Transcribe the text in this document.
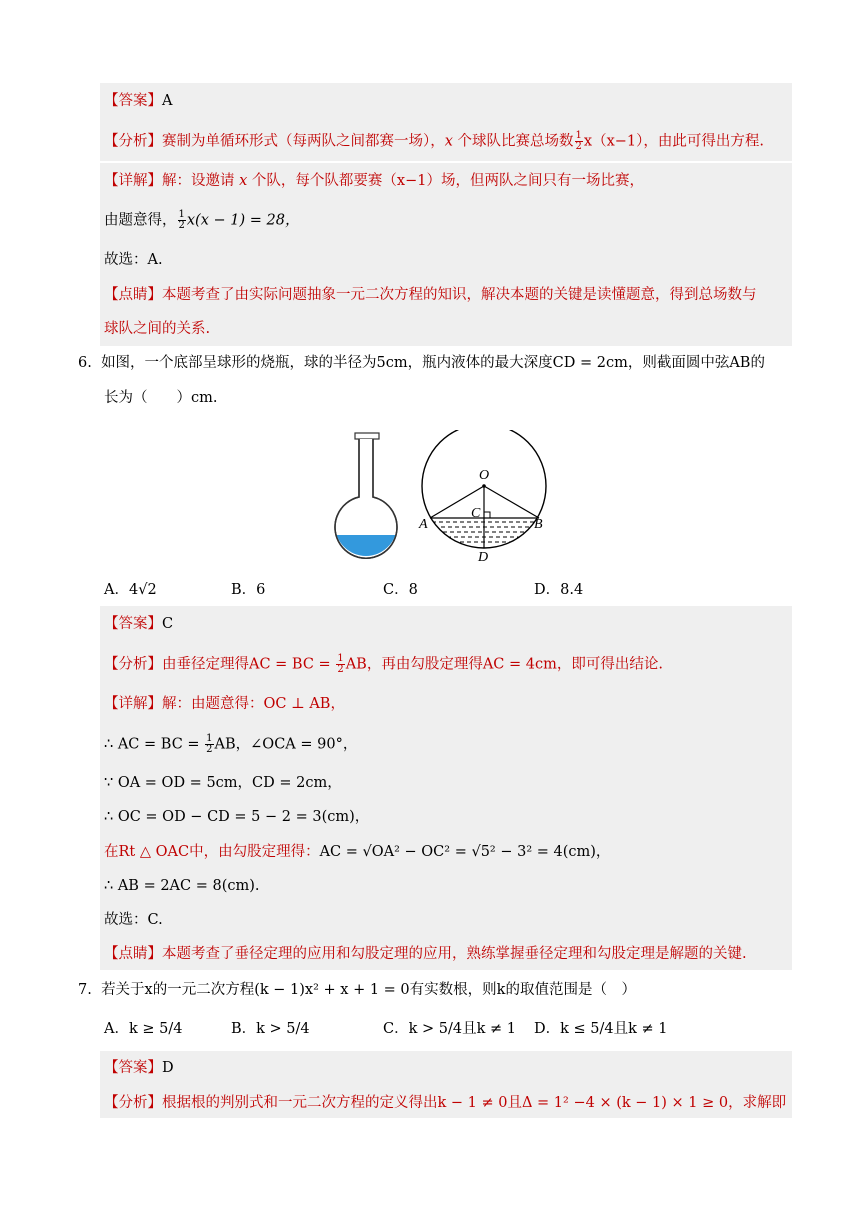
【答案】A
【分析】赛制为单循环形式（每两队之间都赛一场），x 个球队比赛总场数 $\frac{1}{2} x(x-1)$，由此可得出方程.
【详解】解：设邀请 x 个队，每个队都要赛（x−1）场，但两队之间只有一场比赛，
由题意得， $\frac{1}{2} x(x - 1) = 28$，
故选：A.
【点睛】本题考查了由实际问题抽象一元二次方程的知识，解决本题的关键是读懂题意，得到总场数与
球队之间的关系.
6. 如图，一个底部呈球形的烧瓶，球的半径为5cm，瓶内液体的最大深度CD = 2cm，则截面圆中弦AB的
长为（　　）cm.
O
A	B
C
D
A．4√2	B．6	C．8	D．8.4
【答案】C
【分析】由垂径定理得AC = BC = $\frac{1}{2}$ AB，再由勾股定理得AC = 4cm，即可得出结论.
【详解】解：由题意得：OC ⊥ AB，
∴ AC = BC = $\frac{1}{2}$ AB，∠OCA = 90°，
∵ OA = OD = 5cm，CD = 2cm，
∴ OC = OD − CD = 5 − 2 = 3(cm)，
在Rt △ OAC中，由勾股定理得：AC = √OA² − OC² = √5² − 3² = 4(cm)，
∴ AB = 2AC = 8(cm).
故选：C.
【点睛】本题考查了垂径定理的应用和勾股定理的应用，熟练掌握垂径定理和勾股定理是解题的关键.
7. 若关于x的一元二次方程(k − 1)x² + x + 1 = 0有实数根，则k的取值范围是（　）
A．k ≥ 5/4	B．k > 5/4	C．k > 5/4且k ≠ 1 D．k ≤ 5/4且k ≠ 1
【答案】D
【分析】根据根的判别式和一元二次方程的定义得出k − 1 ≠ 0且Δ = 1² −4 × (k − 1) × 1 ≥ 0，求解即
